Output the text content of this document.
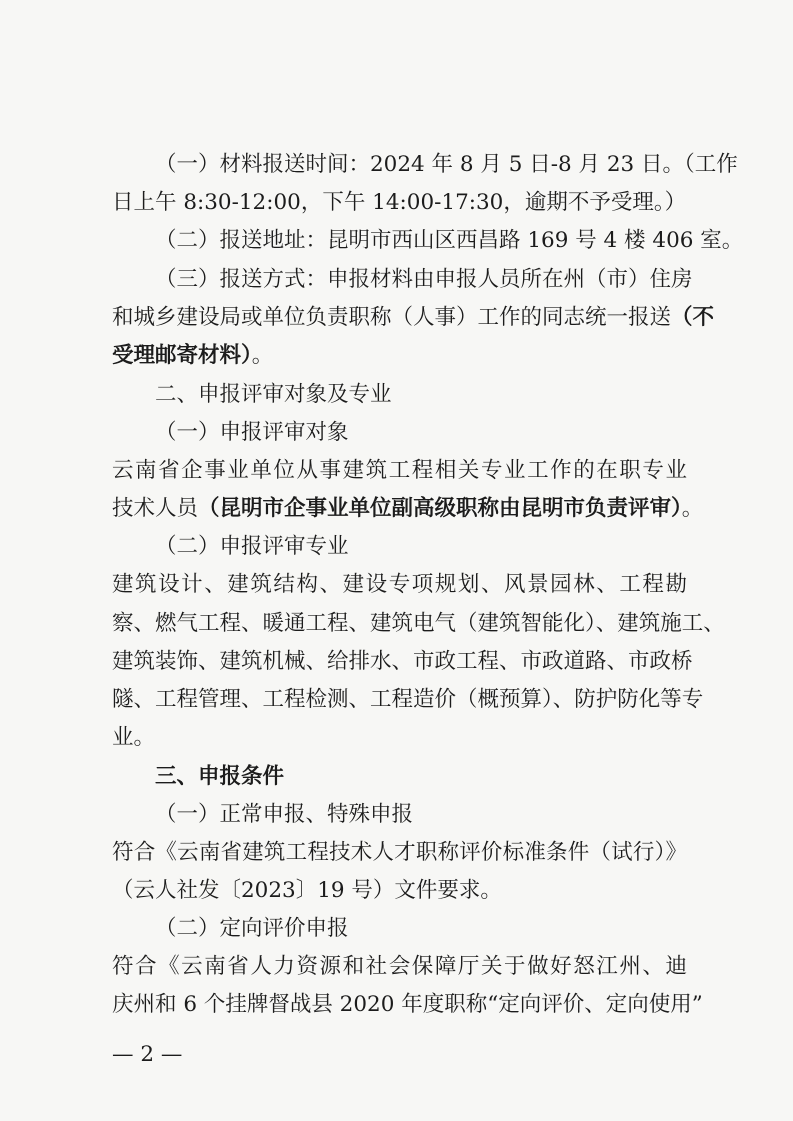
（一）材料报送时间：2024 年 8 月 5 日-8 月 23 日。（工作
日上午 8:30-12:00，下午 14:00-17:30，逾期不予受理。）
（二）报送地址：昆明市西山区西昌路 169 号 4 楼 406 室。
（三）报送方式：申报材料由申报人员所在州（市）住房
和城乡建设局或单位负责职称（人事）工作的同志统一报送（不
受理邮寄材料）。
二、申报评审对象及专业
（一）申报评审对象
云南省企事业单位从事建筑工程相关专业工作的在职专业
技术人员（昆明市企事业单位副高级职称由昆明市负责评审）。
（二）申报评审专业
建筑设计、建筑结构、建设专项规划、风景园林、工程勘
察、燃气工程、暖通工程、建筑电气（建筑智能化）、建筑施工、
建筑装饰、建筑机械、给排水、市政工程、市政道路、市政桥
隧、工程管理、工程检测、工程造价（概预算）、防护防化等专
业。
三、申报条件
（一）正常申报、特殊申报
符合《云南省建筑工程技术人才职称评价标准条件（试行）》
（云人社发〔2023〕19 号）文件要求。
（二）定向评价申报
符合《云南省人力资源和社会保障厅关于做好怒江州、迪
庆州和 6 个挂牌督战县 2020 年度职称“定向评价、定向使用”
— 2 —
